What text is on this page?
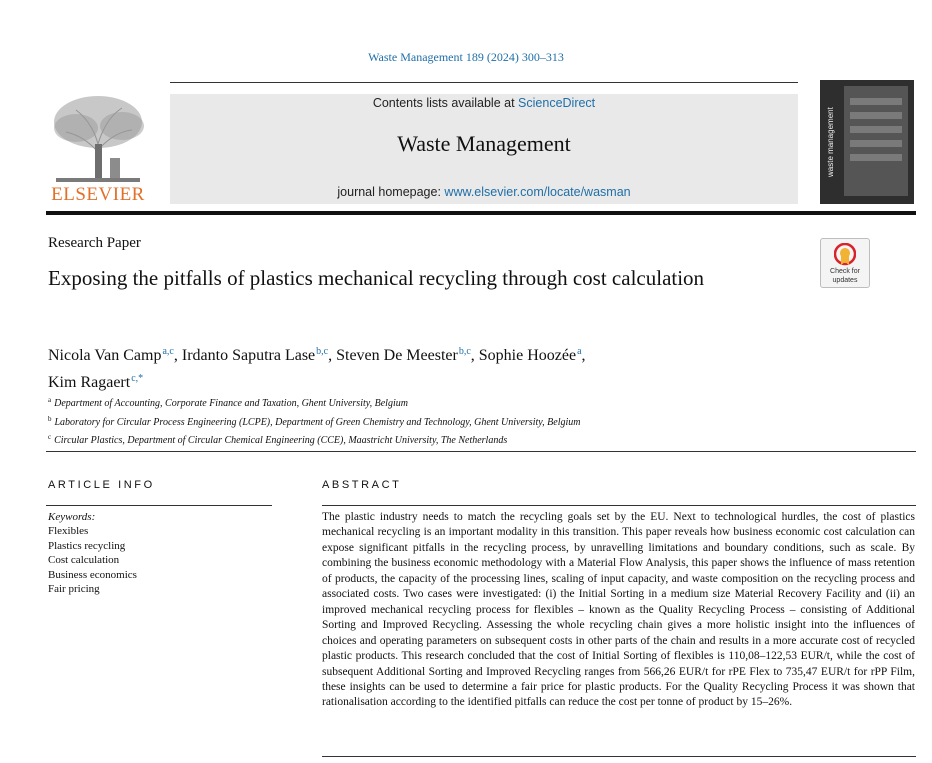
Waste Management 189 (2024) 300–313
ELSEVIER
Contents lists available at ScienceDirect
Waste Management
journal homepage: www.elsevier.com/locate/wasman
waste management
Research Paper
Exposing the pitfalls of plastics mechanical recycling through cost calculation	Check for
updates
Nicola Van Camp$^{a,c}$, Irdanto Saputra Lase$^{b,c}$, Steven De Meester$^{b,c}$, Sophie Hoozée$^a$,
Kim Ragaert$^{c,*}$
$^a$ Department of Accounting, Corporate Finance and Taxation, Ghent University, Belgium
$^b$ Laboratory for Circular Process Engineering (LCPE), Department of Green Chemistry and Technology, Ghent University, Belgium
$^c$ Circular Plastics, Department of Circular Chemical Engineering (CCE), Maastricht University, The Netherlands
ARTICLE INFO	ABSTRACT
Keywords:
Flexibles
Plastics recycling
Cost calculation
Business economics
Fair pricing

The plastic industry needs to match the recycling goals set by the EU. Next to technological hurdles, the cost of plastics mechanical recycling is an important modality in this transition. This paper reveals how business economic cost calculation can expose significant pitfalls in the recycling process, by unravelling limitations and boundary conditions, such as scale. By combining the business economic methodology with a Material Flow Analysis, this paper shows the influence of mass retention of products, the capacity of the processing lines, scaling of input capacity, and waste composition on the recycling process and associated costs. Two cases were investigated: (i) the Initial Sorting in a medium size Material Recovery Facility and (ii) an improved mechanical recycling process for flexibles – known as the Quality Recycling Process – consisting of Additional Sorting and Improved Recycling. Assessing the whole recycling chain gives a more holistic insight into the influences of choices and operating parameters on subsequent costs in other parts of the chain and results in a more accurate cost of recycled plastic products. This research concluded that the cost of Initial Sorting of flexibles is 110,08–122,53 EUR/t, while the cost of subsequent Additional Sorting and Improved Recycling ranges from 566,26 EUR/t for rPE Flex to 735,47 EUR/t for rPP Film, these insights can be used to determine a fair price for plastic products. For the Quality Recycling Process it was shown that rationalisation according to the identified pitfalls can reduce the cost per tonne of product by 15–26%.
